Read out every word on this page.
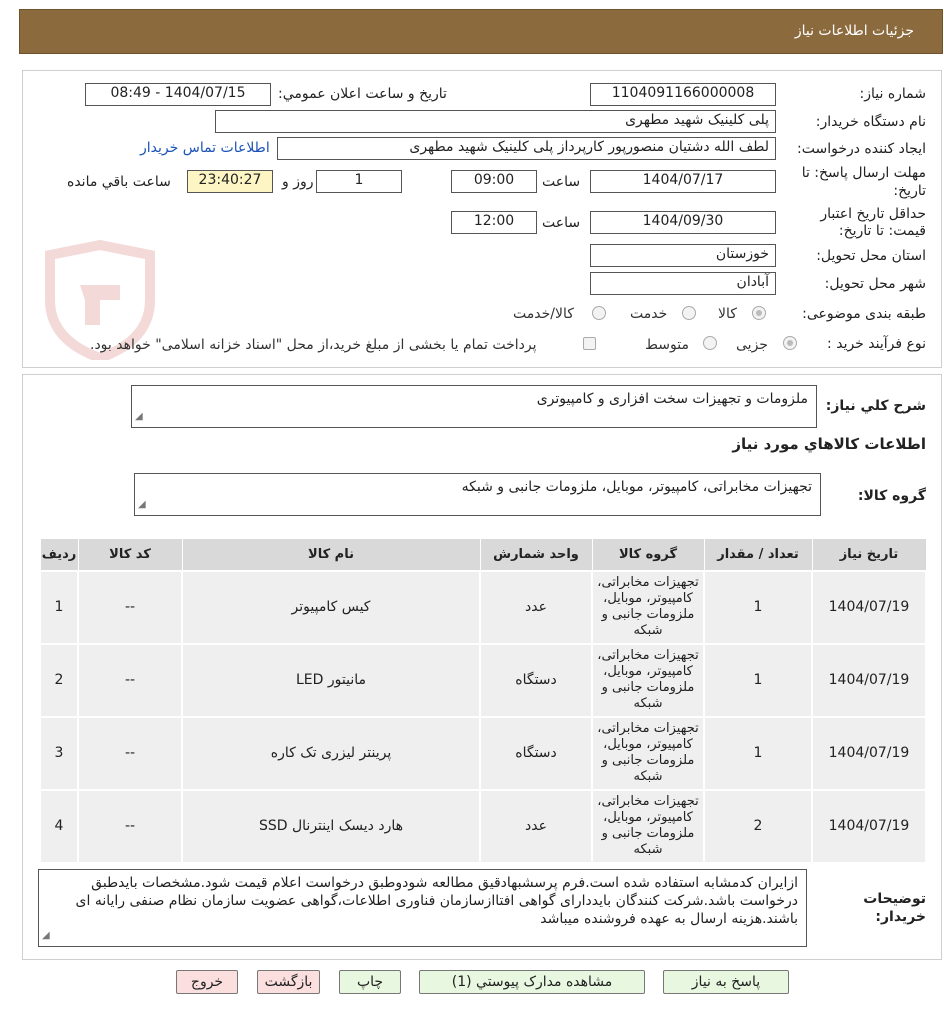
جزئیات اطلاعات نیاز
شماره نیاز:
1104091166000008
تاريخ و ساعت اعلان عمومي:
1404/07/15 - 08:49
نام دستگاه خريدار:
پلی کلینیک شهید مطهری
ايجاد کننده درخواست:
لطف الله دشتیان منصورپور کارپرداز پلی کلینیک شهید مطهری
اطلاعات تماس خريدار
مهلت ارسال پاسخ: تا
تاريخ:
1404/07/17
ساعت
09:00
1
روز و
23:40:27
ساعت باقي مانده
حداقل تاريخ اعتبار
قيمت: تا تاريخ:
1404/09/30
ساعت
12:00
استان محل تحويل:
خوزستان
شهر محل تحويل:
آبادان
طبقه بندی موضوعی:
کالا
خدمت
کالا/خدمت
نوع فرآیند خرید :
جزیی
متوسط
پرداخت تمام يا بخشی از مبلغ خريد،از محل "اسناد خزانه اسلامی" خواهد بود.
شرح کلي نياز:
ملزومات و تجهیزات سخت افزاری و کامپیوتری
◢
اطلاعات کالاهاي مورد نياز
گروه کالا:
تجهیزات مخابراتی، کامپیوتر، موبایل، ملزومات جانبی و شبکه
◢
تاریخ نیاز	تعداد / مقدار	گروه کالا	واحد شمارش	نام کالا	کد کالا	رديف
1404/07/19	1	تجهیزات مخابراتی، کامپیوتر، موبایل، ملزومات جانبی و شبکه	عدد	کیس کامپیوتر	--	1
1404/07/19	1	تجهیزات مخابراتی، کامپیوتر، موبایل، ملزومات جانبی و شبکه	دستگاه	مانیتور LED	--	2
1404/07/19	1	تجهیزات مخابراتی، کامپیوتر، موبایل، ملزومات جانبی و شبکه	دستگاه	پرینتر لیزری تک کاره	--	3
1404/07/19	2	تجهیزات مخابراتی، کامپیوتر، موبایل، ملزومات جانبی و شبکه	عدد	هارد دیسک اینترنال SSD	--	4
توضيحات
خريدار:
ازایران کدمشابه استفاده شده است.فرم پرسشبهادقیق مطالعه شودوطبق درخواست اعلام قیمت شود.مشخصات بایدطبق درخواست باشد.شرکت کنندگان بایددارای گواهی افتاازسازمان فناوری اطلاعات،گواهی عضویت سازمان نظام صنفی رایانه ای باشند.هزینه ارسال به عهده فروشنده میباشد
◢
پاسخ به نياز
مشاهده مدارک پيوستي (1)
چاپ
بازگشت
خروج
